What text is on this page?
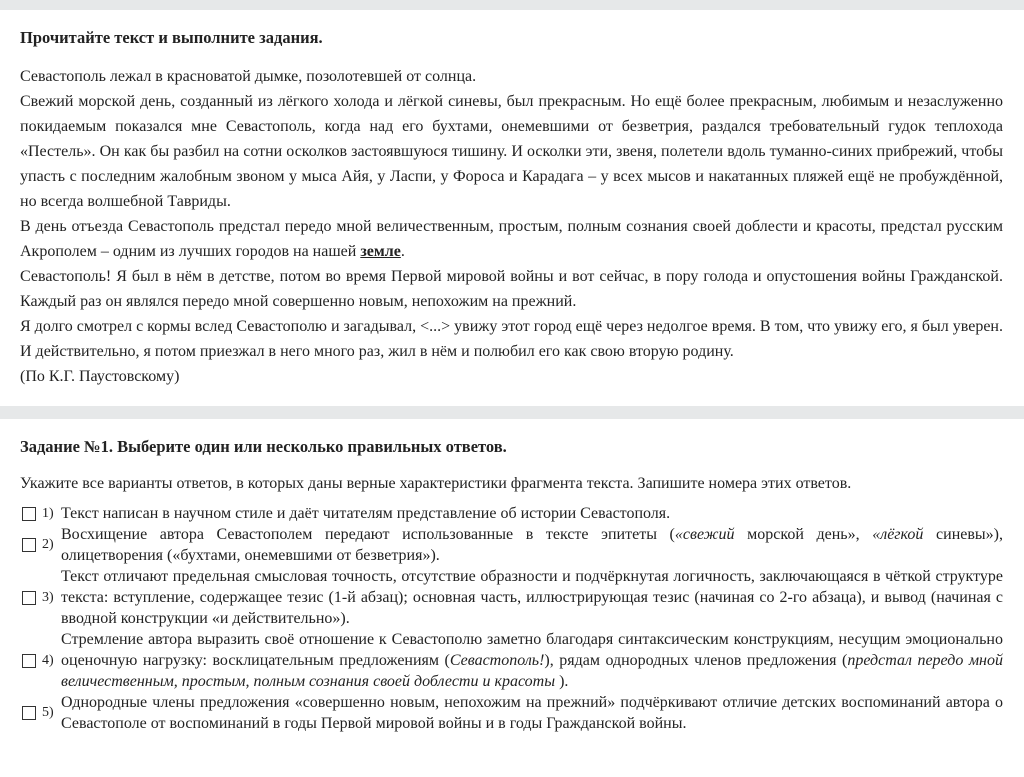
Прочитайте текст и выполните задания.

Севастополь лежал в красноватой дымке, позолотевшей от солнца.

Свежий морской день, созданный из лёгкого холода и лёгкой синевы, был прекрасным. Но ещё более прекрасным, любимым и незаслуженно покидаемым показался мне Севастополь, когда над его бухтами, онемевшими от безветрия, раздался требовательный гудок теплохода «Пестель». Он как бы разбил на сотни осколков застоявшуюся тишину. И осколки эти, звеня, полетели вдоль туманно-синих прибрежий, чтобы упасть с последним жалобным звоном у мыса Айя, у Ласпи, у Фороса и Карадага – у всех мысов и накатанных пляжей ещё не пробуждённой, но всегда волшебной Тавриды.

В день отъезда Севастополь предстал передо мной величественным, простым, полным сознания своей доблести и красоты, предстал русским Акрополем – одним из лучших городов на нашей земле.

Севастополь! Я был в нём в детстве, потом во время Первой мировой войны и вот сейчас, в пору голода и опустошения войны Гражданской. Каждый раз он являлся передо мной совершенно новым, непохожим на прежний.

Я долго смотрел с кормы вслед Севастополю и загадывал, <...> увижу этот город ещё через недолгое время. В том, что увижу его, я был уверен. И действительно, я потом приезжал в него много раз, жил в нём и полюбил его как свою вторую родину.

(По К.Г. Паустовскому)

Задание №1. Выберите один или несколько правильных ответов.

Укажите все варианты ответов, в которых даны верные характеристики фрагмента текста. Запишите номера этих ответов.

1) Текст написан в научном стиле и даёт читателям представление об истории Севастополя.
2)
Восхищение автора Севастополем передают использованные в тексте эпитеты («свежий морской день», «лёгкой синевы»), олицетворения («бухтами, онемевшими от безветрия»).
3)
Текст отличают предельная смысловая точность, отсутствие образности и подчёркнутая логичность, заключающаяся в чёткой структуре текста: вступление, содержащее тезис (1-й абзац); основная часть, иллюстрирующая тезис (начиная со 2-го абзаца), и вывод (начиная с вводной конструкции «и действительно»).
4)
Стремление автора выразить своё отношение к Севастополю заметно благодаря синтаксическим конструкциям, несущим эмоционально оценочную нагрузку: восклицательным предложениям (Севастополь!), рядам однородных членов предложения (предстал передо мной величественным, простым, полным сознания своей доблести и красоты ).
5)
Однородные члены предложения «совершенно новым, непохожим на прежний» подчёркивают отличие детских воспоминаний автора о Севастополе от воспоминаний в годы Первой мировой войны и в годы Гражданской войны.
